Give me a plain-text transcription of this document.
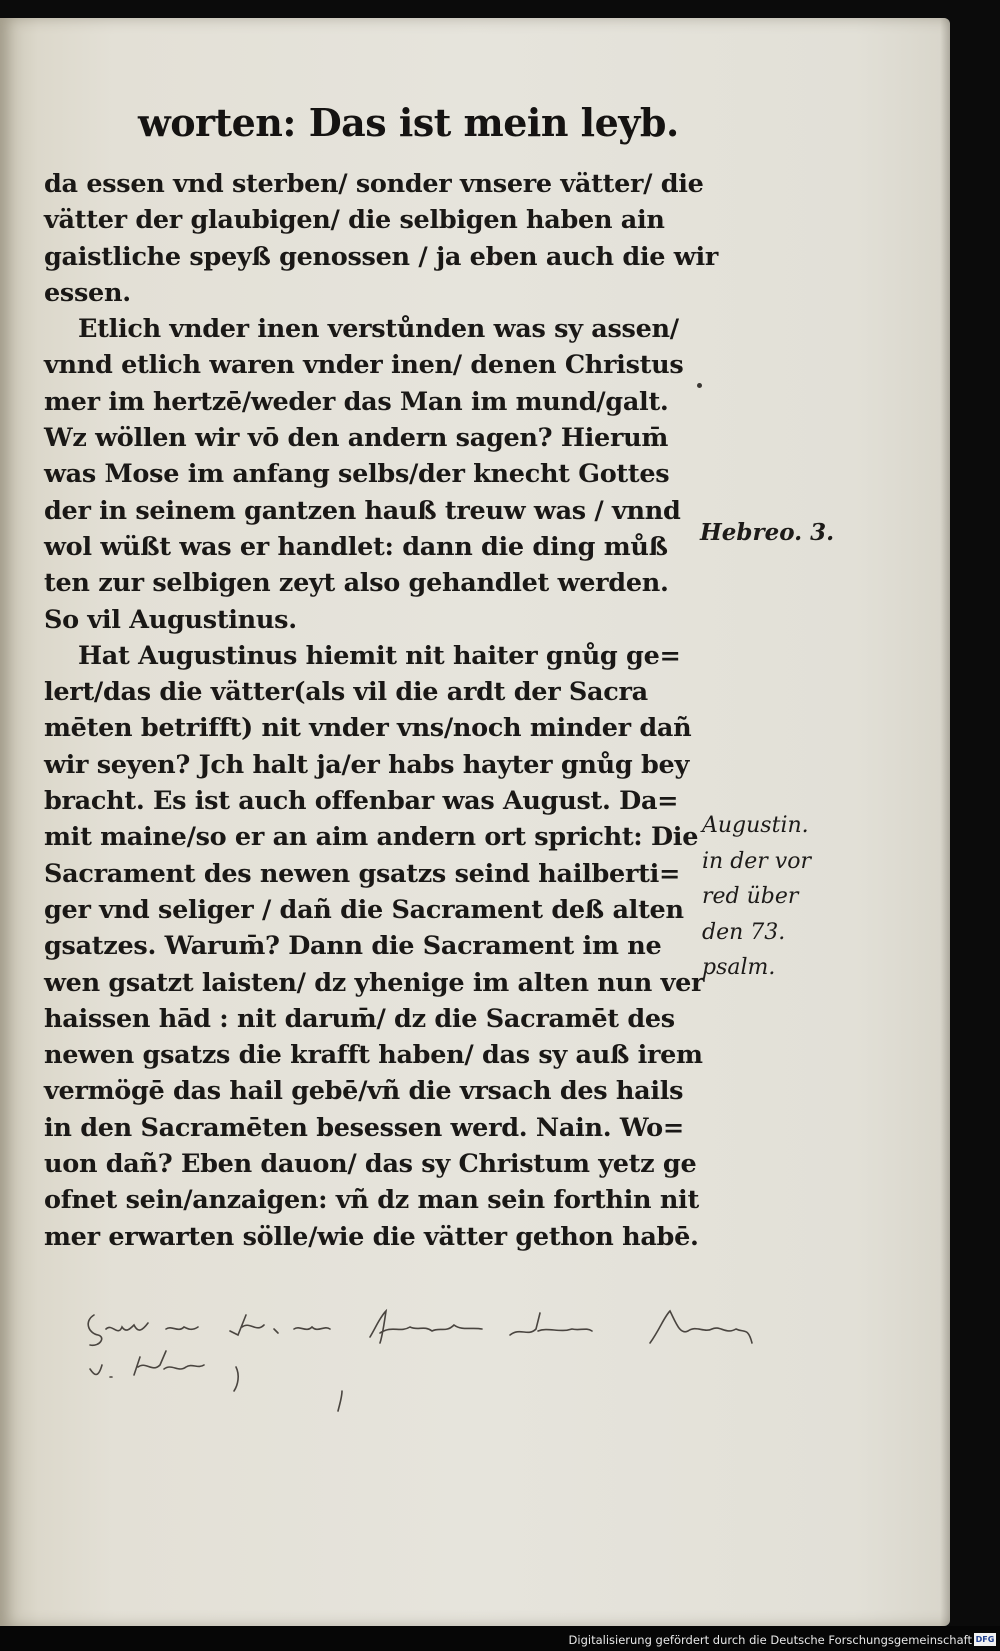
worten: Das ist mein leyb.
da essen vnd sterben/ sonder vnsere vätter/ die
vätter der glaubigen/ die selbigen haben ain
gaistliche speyß genossen / ja eben auch die wir
essen.
Etlich vnder inen verstůnden was sy assen/
vnnd etlich waren vnder inen/ denen Christus
mer im hertzē/weder das Man im mund/galt.
Wz wöllen wir vō den andern sagen? Hierum̄
was Mose im anfang selbs/der knecht Gottes
der in seinem gantzen hauß treuw was / vnnd
wol wüßt was er handlet: dann die ding můß
ten zur selbigen zeyt also gehandlet werden.
So vil Augustinus.
Hat Augustinus hiemit nit haiter gnůg ge=
lert/das die vätter(als vil die ardt der Sacra
mēten betrifft) nit vnder vns/noch minder dañ
wir seyen? Jch halt ja/er habs hayter gnůg bey
bracht. Es ist auch offenbar was August. Da=
mit maine/so er an aim andern ort spricht: Die
Sacrament des newen gsatzs seind hailberti=
ger vnd seliger / dañ die Sacrament deß alten
gsatzes. Warum̄? Dann die Sacrament im ne
wen gsatzt laisten/ dz yhenige im alten nun ver
haissen hād : nit darum̄/ dz die Sacramēt des
newen gsatzs die krafft haben/ das sy auß irem
vermögē das hail gebē/vñ die vrsach des hails
in den Sacramēten besessen werd. Nain. Wo=
uon dañ? Eben dauon/ das sy Christum yetz ge
ofnet sein/anzaigen: vñ dz man sein forthin nit
mer erwarten sölle/wie die vätter gethon habē.
Hebreo. 3.
Augustin.
in der vor
red über
den 73.
psalm.
Digitalisierung gefördert durch die Deutsche Forschungsgemeinschaft DFG
